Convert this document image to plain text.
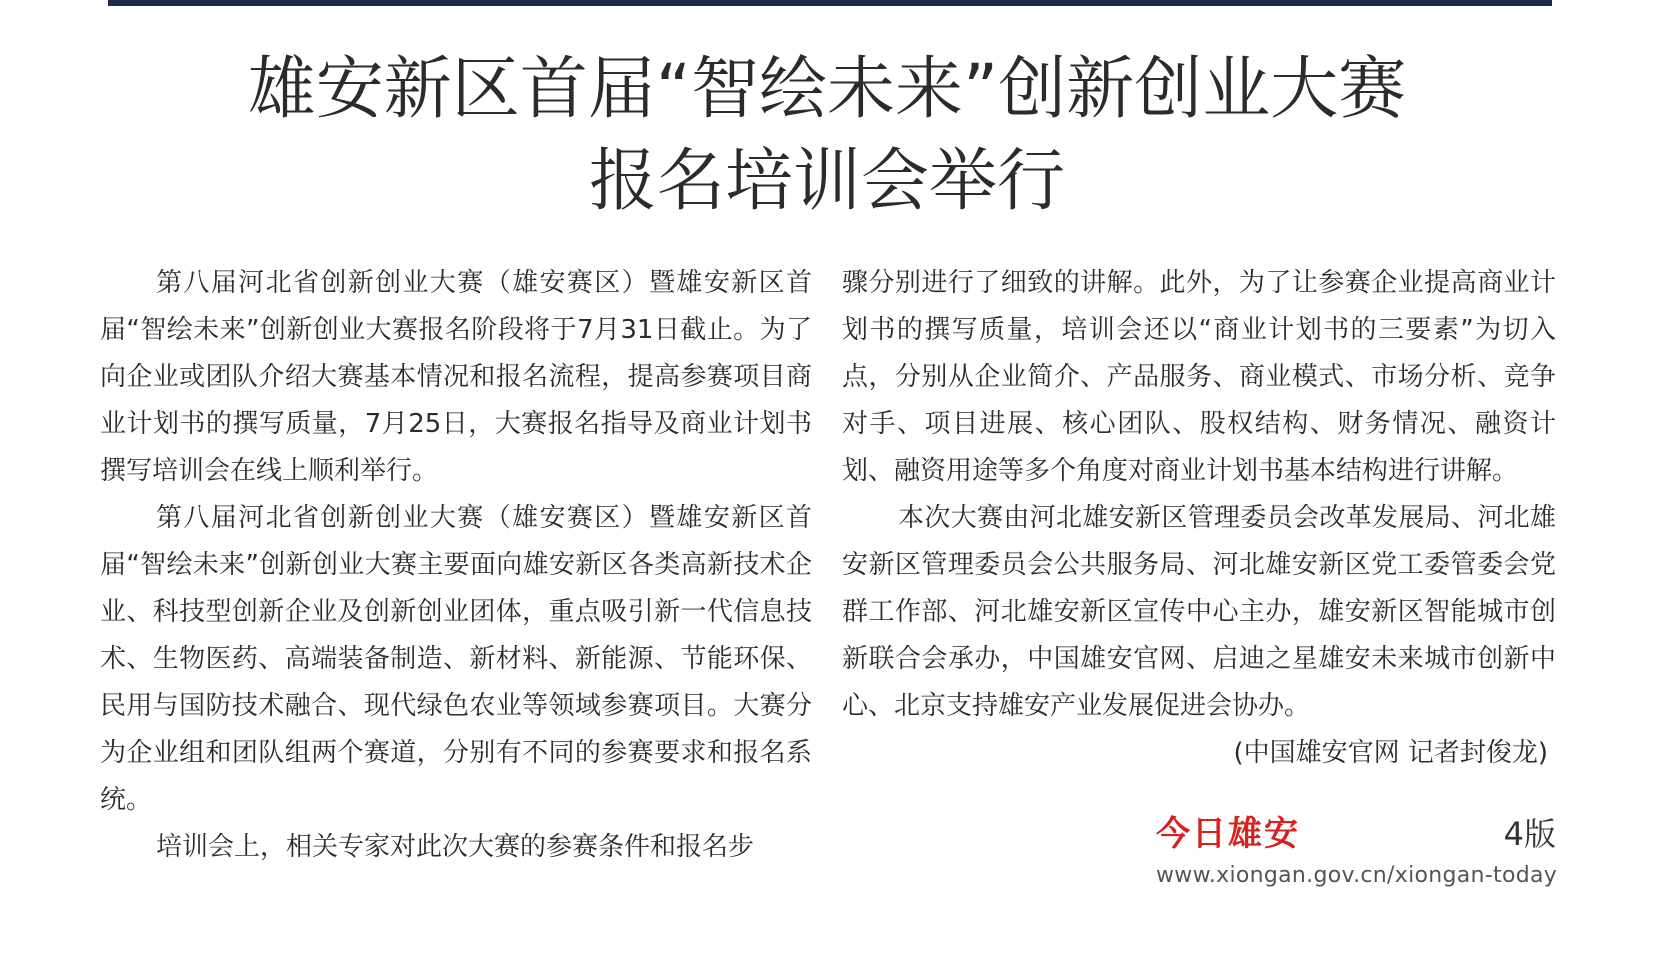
雄安新区首届“智绘未来”创新创业大赛
报名培训会举行

第八届河北省创新创业大赛（雄安赛区）暨雄安新区首届“智绘未来”创新创业大赛报名阶段将于7月31日截止。为了向企业或团队介绍大赛基本情况和报名流程，提高参赛项目商业计划书的撰写质量，7月25日，大赛报名指导及商业计划书撰写培训会在线上顺利举行。

第八届河北省创新创业大赛（雄安赛区）暨雄安新区首届“智绘未来”创新创业大赛主要面向雄安新区各类高新技术企业、科技型创新企业及创新创业团体，重点吸引新一代信息技术、生物医药、高端装备制造、新材料、新能源、节能环保、民用与国防技术融合、现代绿色农业等领域参赛项目。大赛分为企业组和团队组两个赛道，分别有不同的参赛要求和报名系统。

培训会上，相关专家对此次大赛的参赛条件和报名步

骤分别进行了细致的讲解。此外，为了让参赛企业提高商业计划书的撰写质量，培训会还以“商业计划书的三要素”为切入点，分别从企业简介、产品服务、商业模式、市场分析、竞争对手、项目进展、核心团队、股权结构、财务情况、融资计划、融资用途等多个角度对商业计划书基本结构进行讲解。

本次大赛由河北雄安新区管理委员会改革发展局、河北雄安新区管理委员会公共服务局、河北雄安新区党工委管委会党群工作部、河北雄安新区宣传中心主办，雄安新区智能城市创新联合会承办，中国雄安官网、启迪之星雄安未来城市创新中心、北京支持雄安产业发展促进会协办。

(中国雄安官网 记者封俊龙)

今日雄安	4版
www.xiongan.gov.cn/xiongan-today
